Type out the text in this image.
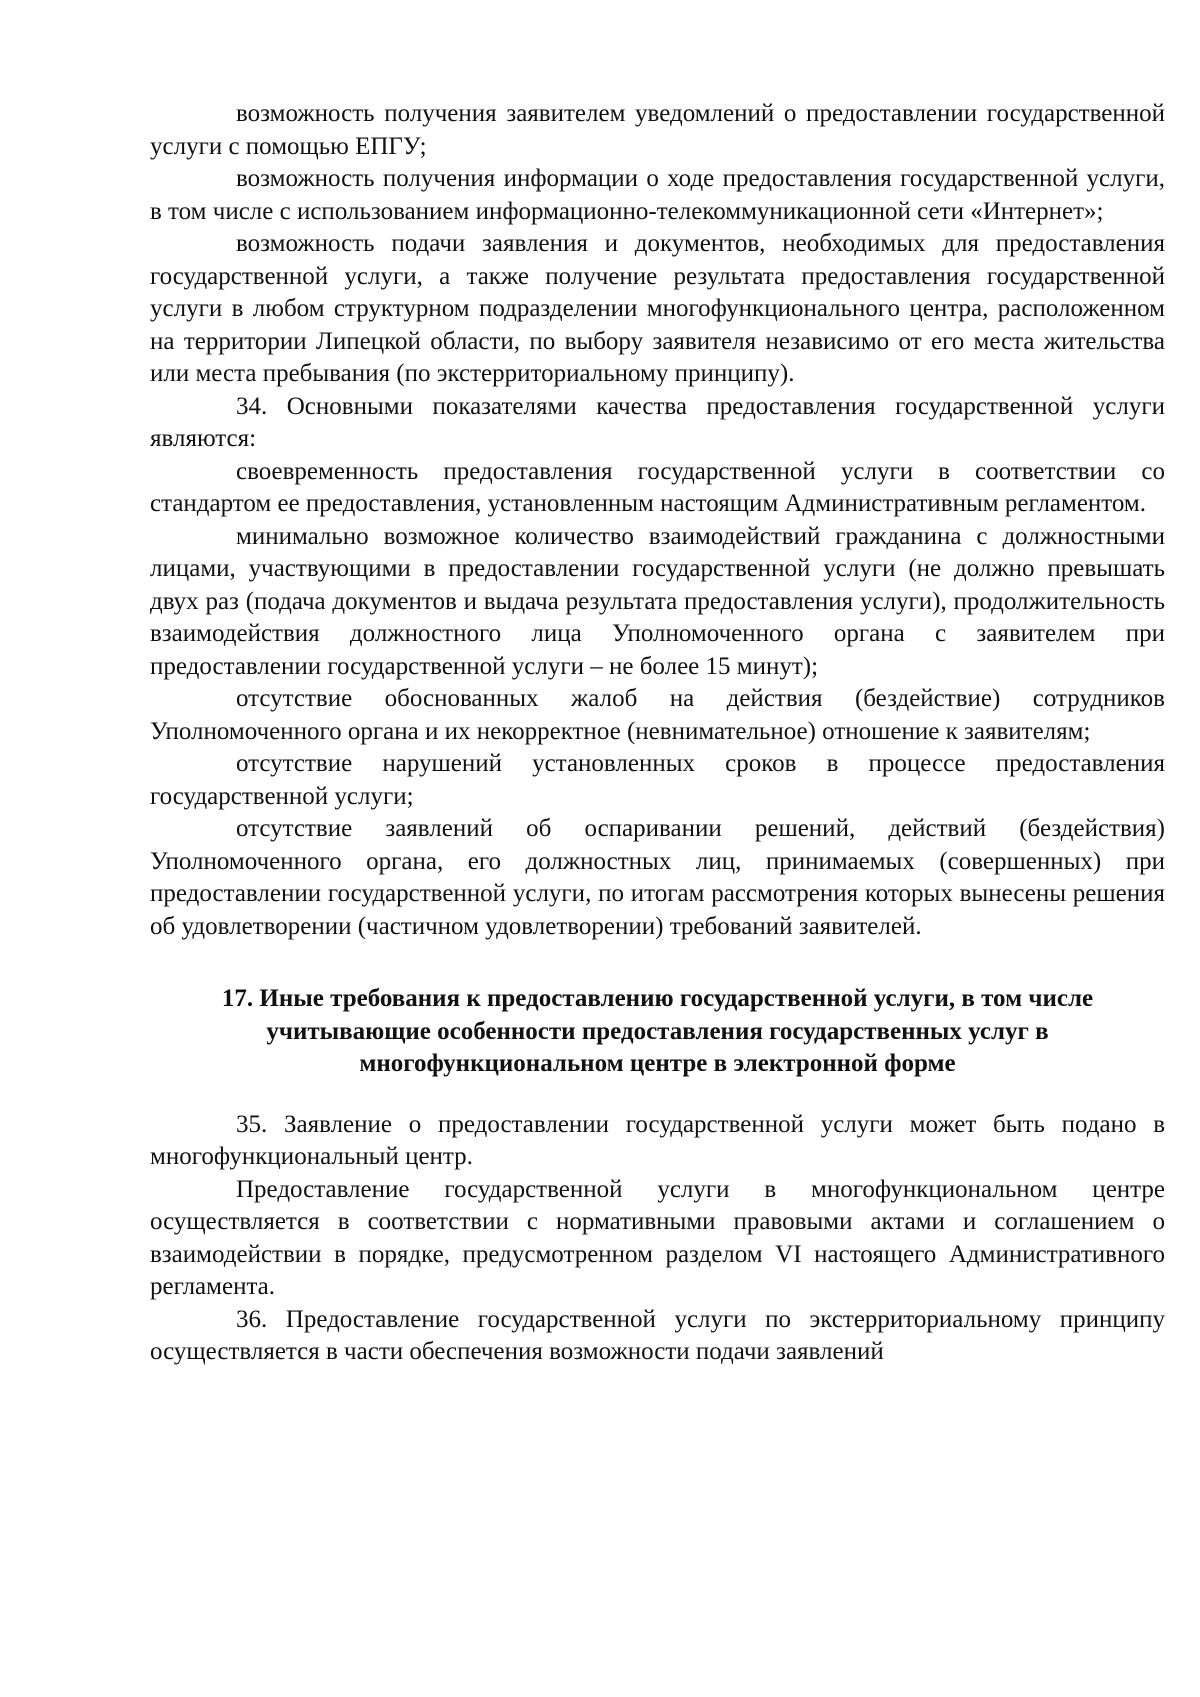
возможность получения заявителем уведомлений о предоставлении государственной услуги с помощью ЕПГУ;

возможность получения информации о ходе предоставления государственной услуги, в том числе с использованием информационно-телекоммуникационной сети «Интернет»;

возможность подачи заявления и документов, необходимых для предоставления государственной услуги, а также получение результата предоставления государственной услуги в любом структурном подразделении многофункционального центра, расположенном на территории Липецкой области, по выбору заявителя независимо от его места жительства или места пребывания (по экстерриториальному принципу).

34. Основными показателями качества предоставления государственной услуги являются:

своевременность предоставления государственной услуги в соответствии со стандартом ее предоставления, установленным настоящим Административным регламентом.

минимально возможное количество взаимодействий гражданина с должностными лицами, участвующими в предоставлении государственной услуги (не должно превышать двух раз (подача документов и выдача результата предоставления услуги), продолжительность взаимодействия должностного лица Уполномоченного органа с заявителем при предоставлении государственной услуги – не более 15 минут);

отсутствие обоснованных жалоб на действия (бездействие) сотрудников Уполномоченного органа и их некорректное (невнимательное) отношение к заявителям;

отсутствие нарушений установленных сроков в процессе предоставления государственной услуги;

отсутствие заявлений об оспаривании решений, действий (бездействия) Уполномоченного органа, его должностных лиц, принимаемых (совершенных) при предоставлении государственной услуги, по итогам рассмотрения которых вынесены решения об удовлетворении (частичном удовлетворении) требований заявителей.

17. Иные требования к предоставлению государственной услуги, в том числе
учитывающие особенности предоставления государственных услуг в
многофункциональном центре в электронной форме

35. Заявление о предоставлении государственной услуги может быть подано в многофункциональный центр.

Предоставление государственной услуги в многофункциональном центре осуществляется в соответствии с нормативными правовыми актами и соглашением о взаимодействии в порядке, предусмотренном разделом VI настоящего Административного регламента.

36. Предоставление государственной услуги по экстерриториальному принципу осуществляется в части обеспечения возможности подачи заявлений
